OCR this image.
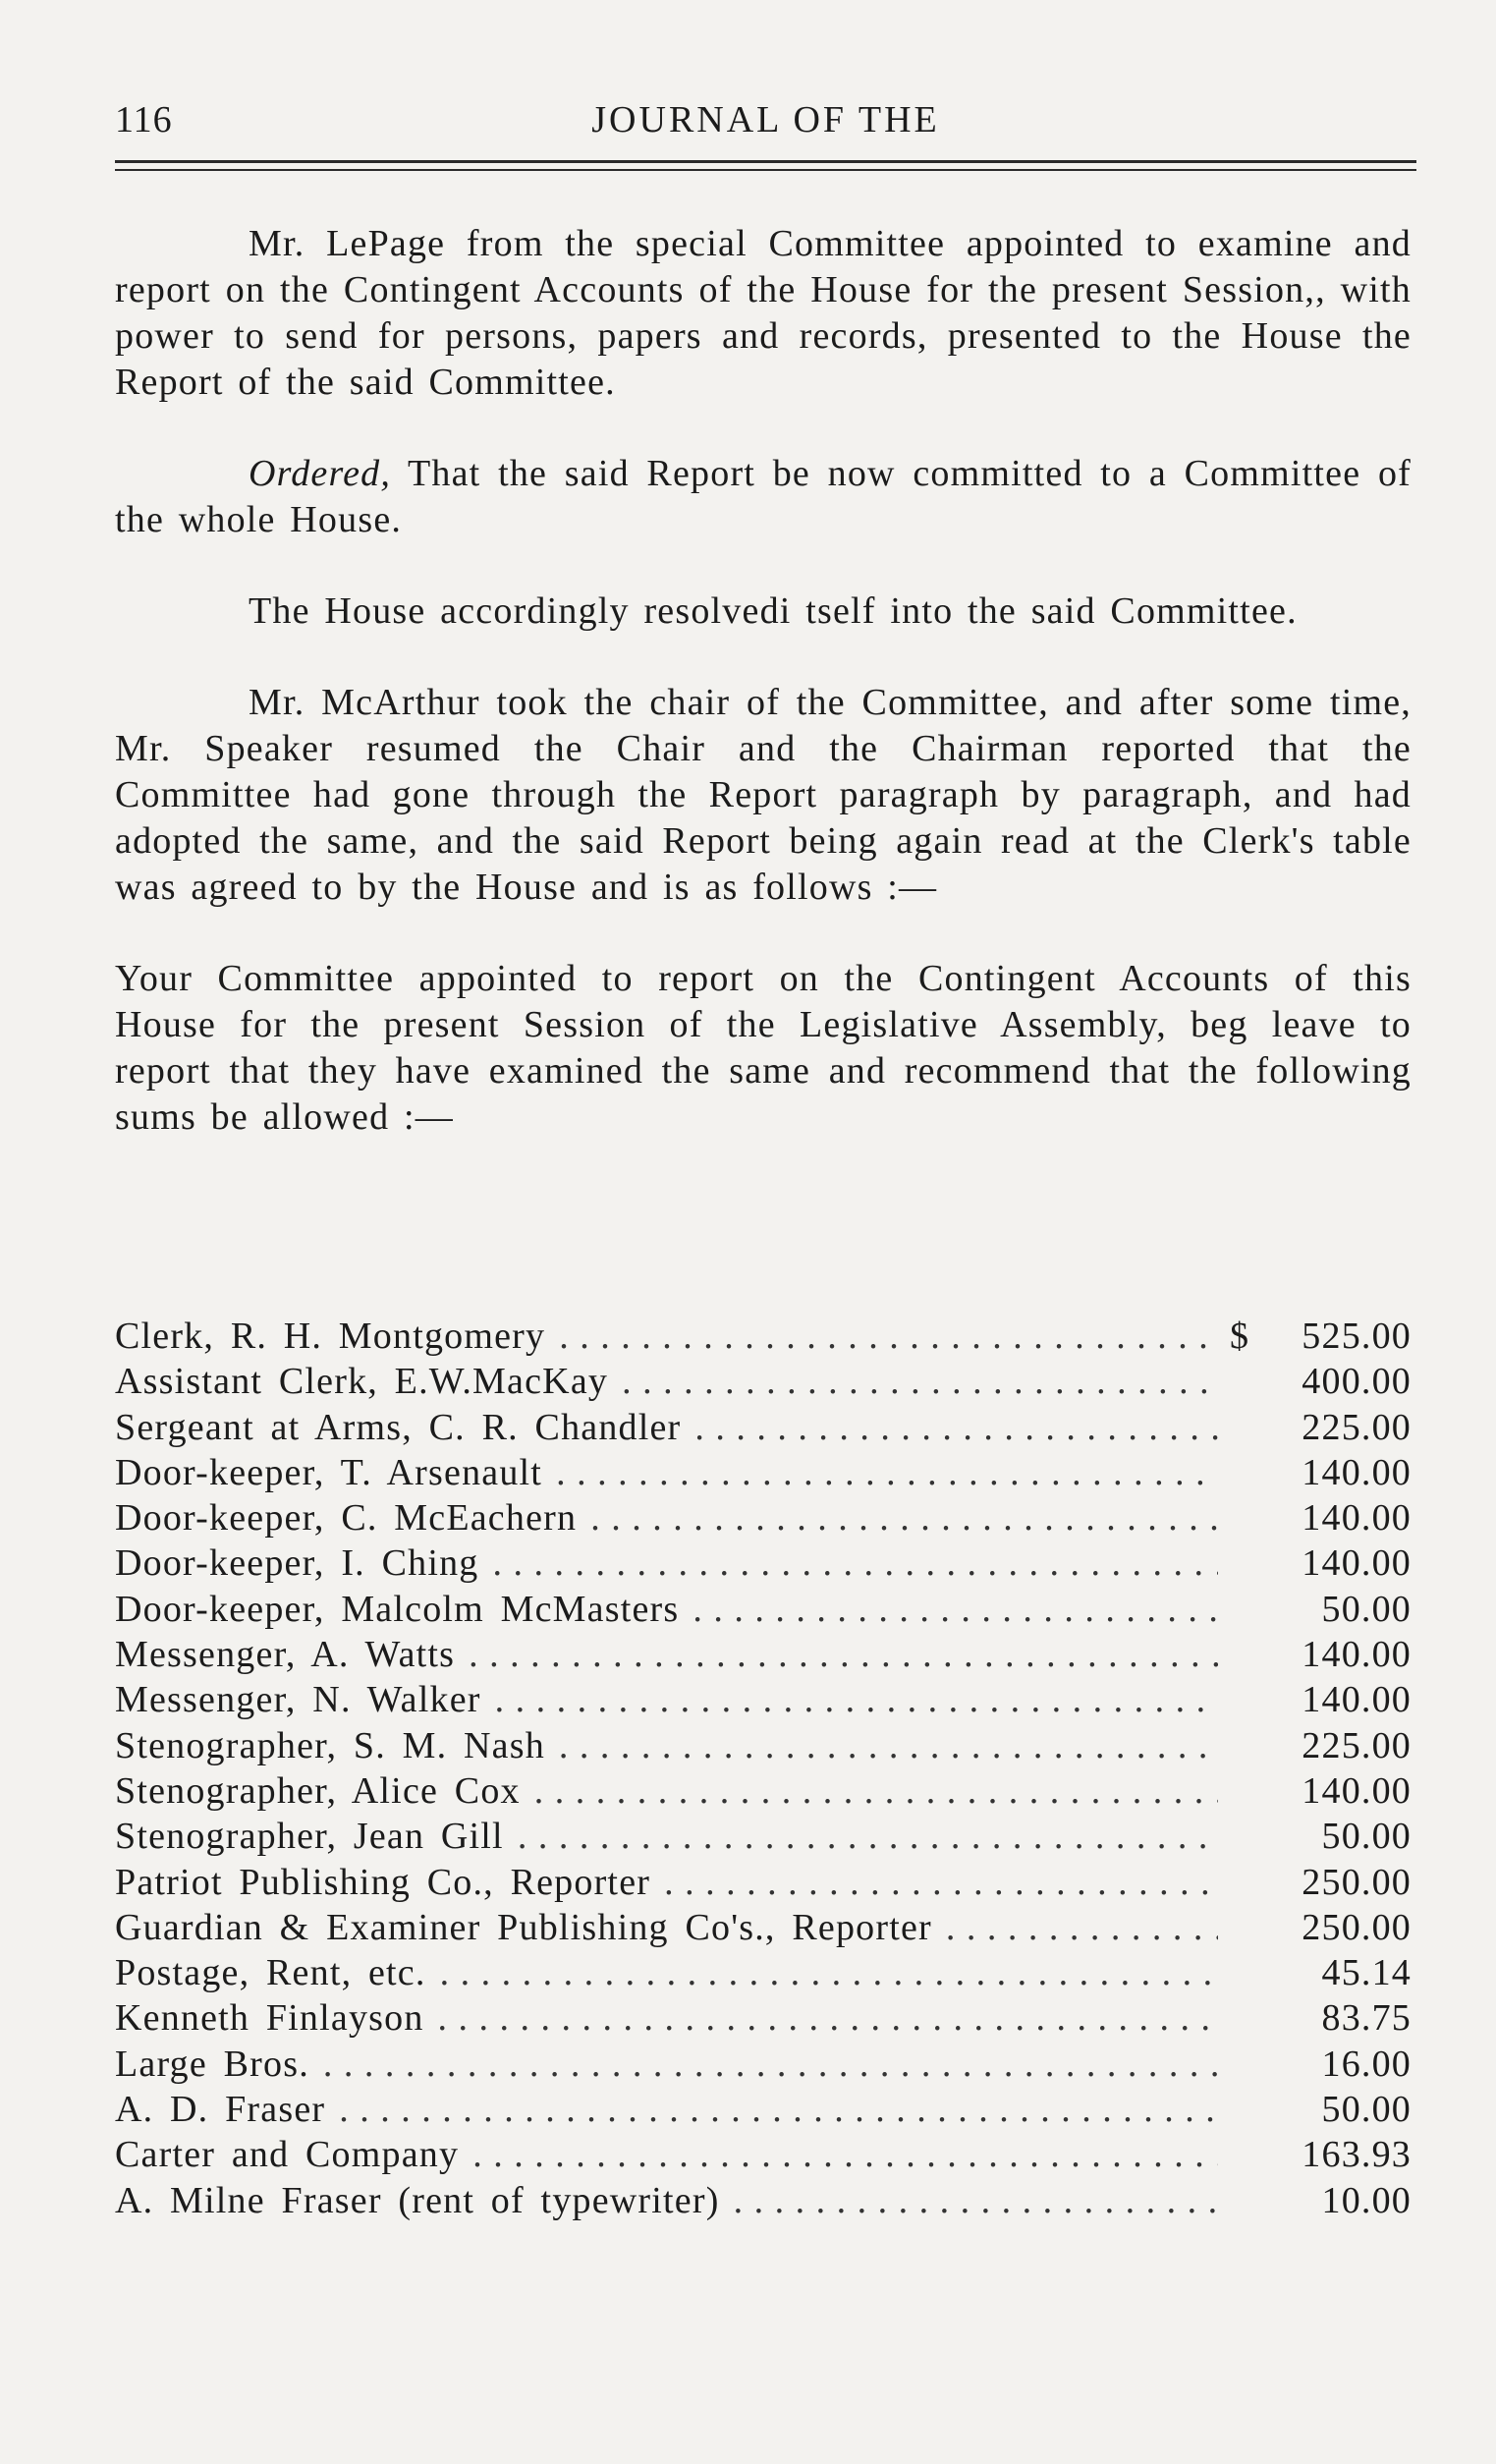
116	JOURNAL OF THE

Mr. LePage from the special Committee appointed to examine and report on the Contingent Accounts of the House for the present Session,, with power to send for persons, papers and records, presented to the House the Report of the said Committee.

Ordered, That the said Report be now committed to a Committee of the whole House.

The House accordingly resolvedi tself into the said Committee.

Mr. McArthur took the chair of the Committee, and after some time, Mr. Speaker resumed the Chair and the Chairman reported that the Committee had gone through the Report paragraph by paragraph, and had adopted the same, and the said Report being again read at the Clerk's table was agreed to by the House and is as follows :—

Your Committee appointed to report on the Contingent Accounts of this House for the present Session of the Legislative Assembly, beg leave to report that they have examined the same and recommend that the following sums be allowed :—

Clerk, R. H. Montgomery . . .	$	525.00
Assistant Clerk, E.W.MacKay . . .	400.00
Sergeant at Arms, C. R. Chandler . . .	225.00
Door-keeper, T. Arsenault . . .	140.00
Door-keeper, C. McEachern . . .	140.00
Door-keeper, I. Ching . . .	140.00
Door-keeper, Malcolm McMasters . . .	50.00
Messenger, A. Watts . . .	140.00
Messenger, N. Walker . . .	140.00
Stenographer, S. M. Nash . . .	225.00
Stenographer, Alice Cox . . .	140.00
Stenographer, Jean Gill . . .	50.00
Patriot Publishing Co., Reporter . . .	250.00
Guardian & Examiner Publishing Co's., Reporter . . .	250.00
Postage, Rent, etc. . . .	45.14
Kenneth Finlayson . . .	83.75
Large Bros. . . .	16.00
A. D. Fraser . . .	50.00
Carter and Company . . .	163.93
A. Milne Fraser (rent of typewriter) . . .	10.00
